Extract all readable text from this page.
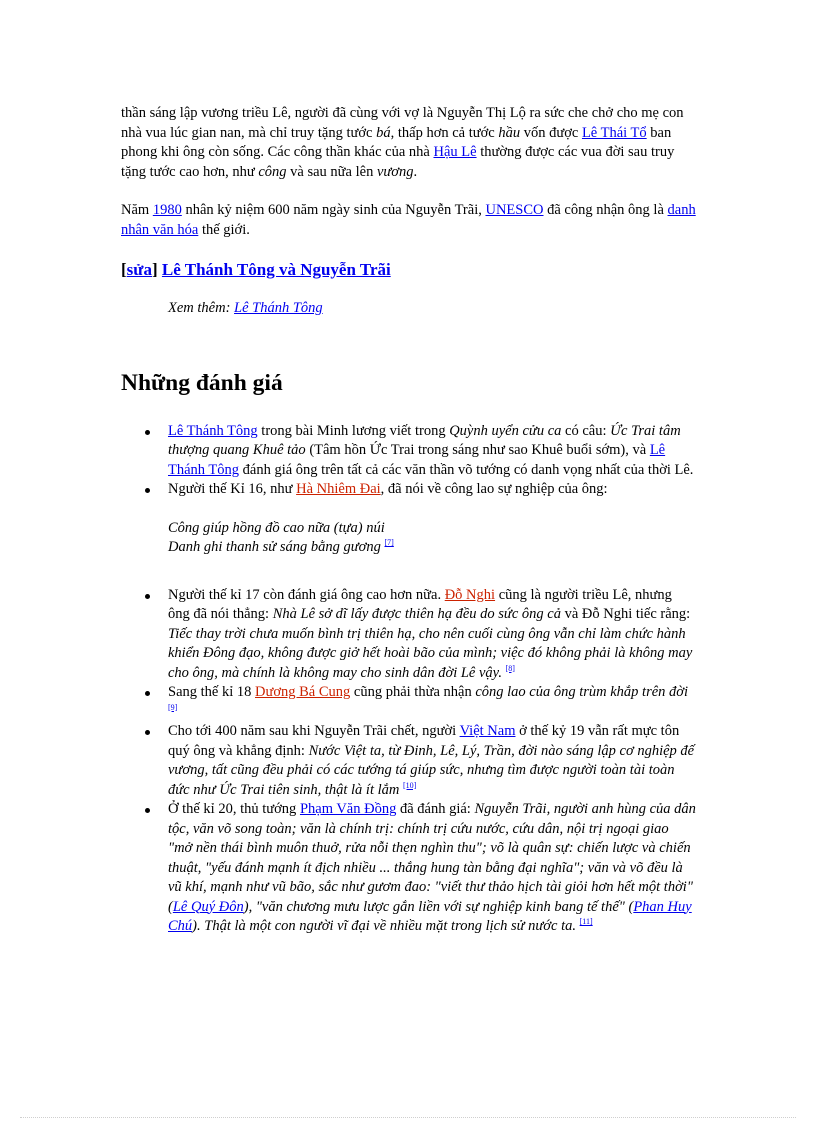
thần sáng lập vương triều Lê, người đã cùng với vợ là Nguyễn Thị Lộ ra sức che chở cho mẹ con nhà vua lúc gian nan, mà chỉ truy tặng tước bá, thấp hơn cả tước hầu vốn được Lê Thái Tổ ban phong khi ông còn sống. Các công thần khác của nhà Hậu Lê thường được các vua đời sau truy tặng tước cao hơn, như công và sau nữa lên vương.

Năm 1980 nhân kỷ niệm 600 năm ngày sinh của Nguyễn Trãi, UNESCO đã công nhận ông là danh nhân văn hóa thế giới.

[sửa] Lê Thánh Tông và Nguyễn Trãi

Xem thêm: Lê Thánh Tông

Những đánh giá
Lê Thánh Tông trong bài Minh lương viết trong Quỳnh uyển cửu ca có câu: Ức Trai tâm thượng quang Khuê tảo (Tâm hồn Ức Trai trong sáng như sao Khuê buổi sớm), và Lê Thánh Tông đánh giá ông trên tất cả các văn thần võ tướng có danh vọng nhất của thời Lê.
Người thế Kỉ 16, như Hà Nhiêm Đai, đã nói về công lao sự nghiệp của ông:
Công giúp hồng đồ cao nữa (tựa) núi
Danh ghi thanh sử sáng bằng gương [7]
Người thế kỉ 17 còn đánh giá ông cao hơn nữa. Đỗ Nghi cũng là người triều Lê, nhưng ông đã nói thẳng: Nhà Lê sở dĩ lấy được thiên hạ đều do sức ông cả và Đỗ Nghi tiếc rằng: Tiếc thay trời chưa muốn bình trị thiên hạ, cho nên cuối cùng ông vẫn chỉ làm chức hành khiển Đông đạo, không được giở hết hoài bão của mình; việc đó không phải là không may cho ông, mà chính là không may cho sinh dân đời Lê vậy. [8]
Sang thế kỉ 18 Dương Bá Cung cũng phải thừa nhận công lao của ông trùm khắp trên đời [9]
Cho tới 400 năm sau khi Nguyễn Trãi chết, người Việt Nam ở thế kỷ 19 vẫn rất mực tôn quý ông và khẳng định: Nước Việt ta, từ Đinh, Lê, Lý, Trần, đời nào sáng lập cơ nghiệp đế vương, tất cũng đều phải có các tướng tá giúp sức, nhưng tìm được người toàn tài toàn đức như Ức Trai tiên sinh, thật là ít lắm [10]
Ở thế kỉ 20, thủ tướng Phạm Văn Đồng đã đánh giá: Nguyễn Trãi, người anh hùng của dân tộc, văn võ song toàn; văn là chính trị: chính trị cứu nước, cứu dân, nội trị ngoại giao "mở nền thái bình muôn thuở, rửa nỗi thẹn nghìn thu"; võ là quân sự: chiến lược và chiến thuật, "yếu đánh mạnh ít địch nhiều ... thắng hung tàn bằng đại nghĩa"; văn và võ đều là vũ khí, mạnh như vũ bão, sắc như gươm đao: "viết thư thảo hịch tài giỏi hơn hết một thời" (Lê Quý Đôn), "văn chương mưu lược gắn liền với sự nghiệp kinh bang tế thế" (Phan Huy Chú). Thật là một con người vĩ đại về nhiều mặt trong lịch sử nước ta. [11]
